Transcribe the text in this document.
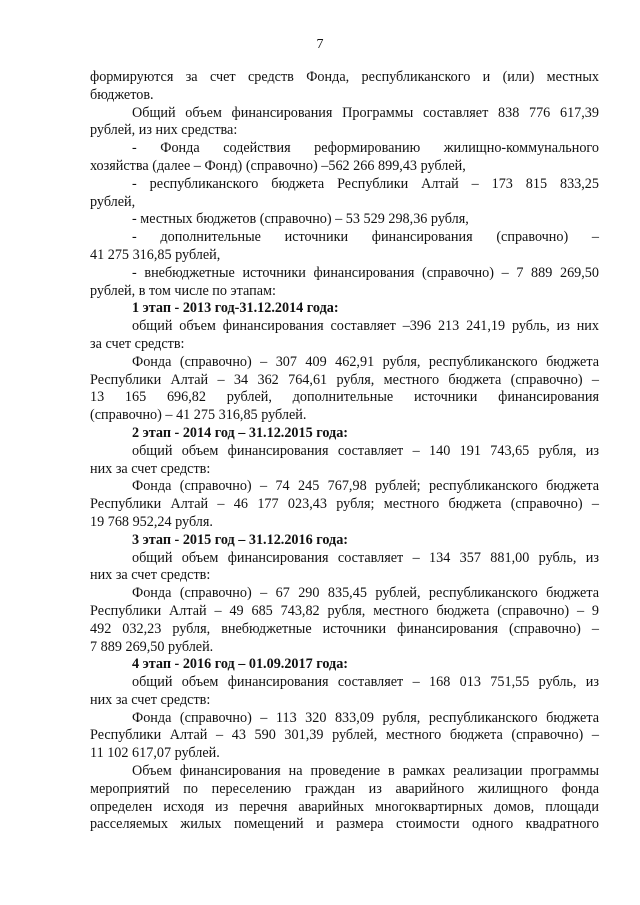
7
формируются за счет средств Фонда, республиканского и (или) местных
бюджетов.
Общий объем финансирования Программы составляет 838 776 617,39
рублей, из них средства:
- Фонда содействия реформированию жилищно-коммунального
хозяйства (далее – Фонд) (справочно) –562 266 899,43 рублей,
- республиканского бюджета Республики Алтай – 173 815 833,25
рублей,
- местных бюджетов (справочно) – 53 529 298,36 рубля,
- дополнительные источники финансирования (справочно) –
41 275 316,85 рублей,
- внебюджетные источники финансирования (справочно) – 7 889 269,50
рублей, в том числе по этапам:
1 этап - 2013 год-31.12.2014 года:
общий объем финансирования составляет –396 213 241,19 рубль, из них
за счет средств:
Фонда (справочно) – 307 409 462,91 рубля, республиканского бюджета
Республики Алтай – 34 362 764,61 рубля, местного бюджета (справочно) –
13 165 696,82 рублей, дополнительные источники финансирования
(справочно) – 41 275 316,85 рублей.
2 этап - 2014 год – 31.12.2015 года:
общий объем финансирования составляет – 140 191 743,65 рубля, из
них за счет средств:
Фонда (справочно) – 74 245 767,98 рублей; республиканского бюджета
Республики Алтай – 46 177 023,43 рубля; местного бюджета (справочно) –
19 768 952,24 рубля.
3 этап - 2015 год – 31.12.2016 года:
общий объем финансирования составляет – 134 357 881,00 рубль, из
них за счет средств:
Фонда (справочно) – 67 290 835,45 рублей, республиканского бюджета
Республики Алтай – 49 685 743,82 рубля, местного бюджета (справочно) – 9
492 032,23 рубля, внебюджетные источники финансирования (справочно) –
7 889 269,50 рублей.
4 этап - 2016 год – 01.09.2017 года:
общий объем финансирования составляет – 168 013 751,55 рубль, из
них за счет средств:
Фонда (справочно) – 113 320 833,09 рубля, республиканского бюджета
Республики Алтай – 43 590 301,39 рублей, местного бюджета (справочно) –
11 102 617,07 рублей.
Объем финансирования на проведение в рамках реализации программы
мероприятий по переселению граждан из аварийного жилищного фонда
определен исходя из перечня аварийных многоквартирных домов, площади
расселяемых жилых помещений и размера стоимости одного квадратного
